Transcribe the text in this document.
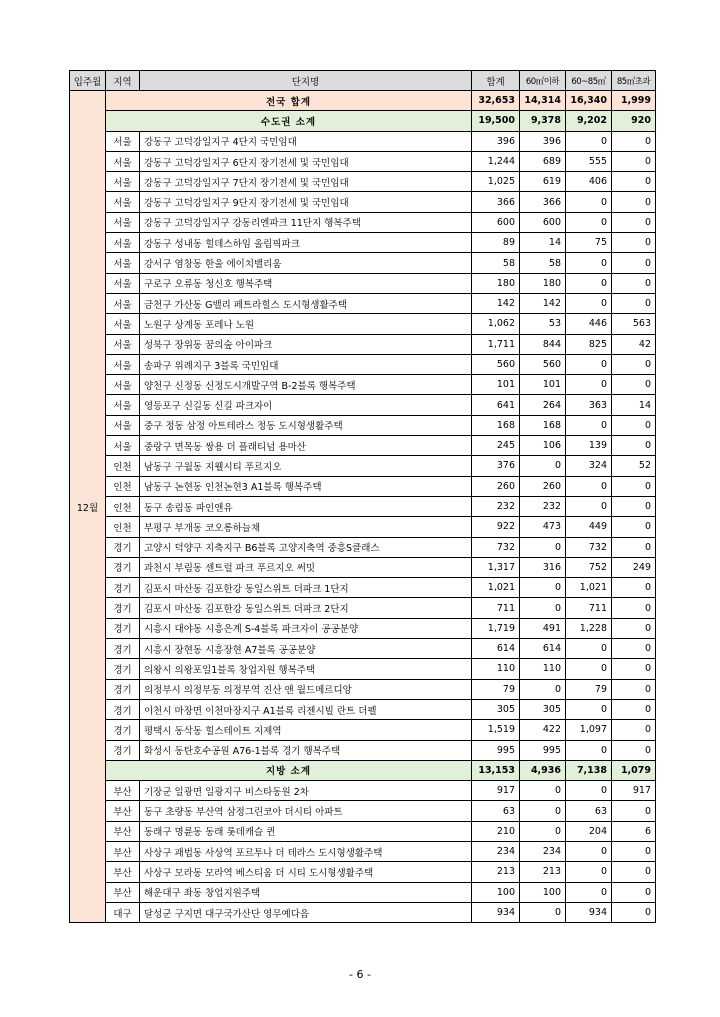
입주월	지역	단지명	합계	60㎡이하	60~85㎡	85㎡초과
12월	전국 합계		32,653	14,314	16,340	1,999
	수도권 소계		19,500	9,378	9,202	920
	서울	강동구 고덕강일지구 4단지 국민임대	396	396	0	0
	서울	강동구 고덕강일지구 6단지 장기전세 및 국민임대	1,244	689	555	0
	서울	강동구 고덕강일지구 7단지 장기전세 및 국민임대	1,025	619	406	0
	서울	강동구 고덕강일지구 9단지 장기전세 및 국민임대	366	366	0	0
	서울	강동구 고덕강일지구 강동리엔파크 11단지 행복주택	600	600	0	0
	서울	강동구 성내동 힐데스하임 올림픽파크	89	14	75	0
	서울	강서구 염창동 한울 에이치밸리움	58	58	0	0
	서울	구로구 오류동 청신호 행복주택	180	180	0	0
	서울	금천구 가산동 G밸리 페트라힐스 도시형생활주택	142	142	0	0
	서울	노원구 상계동 포레나 노원	1,062	53	446	563
	서울	성북구 장위동 꿈의숲 아이파크	1,711	844	825	42
	서울	송파구 위례지구 3블록 국민임대	560	560	0	0
	서울	양천구 신정동 신정도시개발구역 B-2블록 행복주택	101	101	0	0
	서울	영등포구 신길동 신길 파크자이	641	264	363	14
	서울	중구 정동 삼정 아트테라스 정동 도시형생활주택	168	168	0	0
	서울	중랑구 면목동 쌍용 더 플래티넘 용마산	245	106	139	0
	인천	남동구 구월동 지웰시티 푸르지오	376	0	324	52
	인천	남동구 논현동 인천논현3 A1블록 행복주택	260	260	0	0
	인천	동구 송림동 파인앤유	232	232	0	0
	인천	부평구 부개동 코오롱하늘채	922	473	449	0
	경기	고양시 덕양구 지축지구 B6블록 고양지축역 중흥S클래스	732	0	732	0
	경기	과천시 부림동 센트럴 파크 푸르지오 써밋	1,317	316	752	249
	경기	김포시 마산동 김포한강 동일스위트 더파크 1단지	1,021	0	1,021	0
	경기	김포시 마산동 김포한강 동일스위트 더파크 2단지	711	0	711	0
	경기	시흥시 대야동 시흥은계 S-4블록 파크자이 공공분양	1,719	491	1,228	0
	경기	시흥시 장현동 시흥장현 A7블록 공공분양	614	614	0	0
	경기	의왕시 의왕포일1블록 창업지원 행복주택	110	110	0	0
	경기	의정부시 의정부동 의정부역 진산 앤 월드메르디앙	79	0	79	0
	경기	이천시 마장면 이천마장지구 A1블록 리젠시빌 란트 더펠	305	305	0	0
	경기	평택시 동삭동 힐스테이트 지제역	1,519	422	1,097	0
	경기	화성시 동탄호수공원 A76-1블록 경기 행복주택	995	995	0	0
	지방 소계		13,153	4,936	7,138	1,079
	부산	기장군 일광면 일광지구 비스타동원 2차	917	0	0	917
	부산	동구 초량동 부산역 삼정그린코아 더시티 아파트	63	0	63	0
	부산	동래구 명륜동 동래 롯데캐슬 퀸	210	0	204	6
	부산	사상구 괘법동 사상역 포르투나 더 테라스 도시형생활주택	234	234	0	0
	부산	사상구 모라동 모라역 베스티움 더 시티 도시형생활주택	213	213	0	0
	부산	해운대구 좌동 창업지원주택	100	100	0	0
	대구	달성군 구지면 대구국가산단 영무예다음	934	0	934	0
- 6 -
